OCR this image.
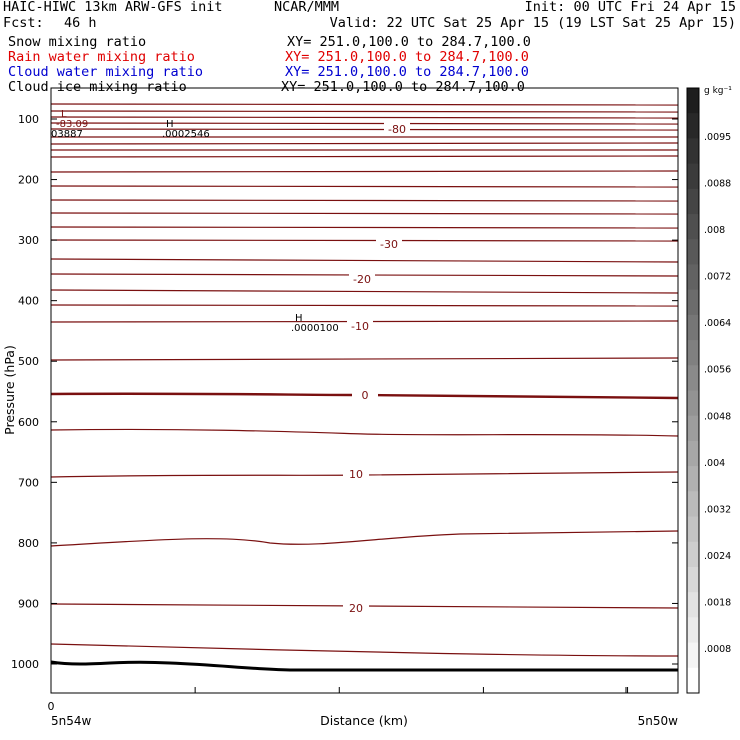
100
200
300
400
500
600
700
800
900
1000
Pressure (hPa)
Distance (km)
0
5n54w	5n50w
.0095
.0088
.008
.0072
.0064
.0056
.0048
.004
.0032
.0024
.0018
.0008
g kg⁻¹
L
-83.09
03887
H
.0002546
H
.0000100
-80
-30
-20
-10
0
10
20
HAIC-HIWC 13km ARW-GFS init	NCAR/MMM	Init: 00 UTC Fri 24 Apr 15
Fcst: 46 h	Valid: 22 UTC Sat 25 Apr 15 (19 LST Sat 25 Apr 15)
Snow mixing ratio	XY= 251.0,100.0 to 284.7,100.0
Rain water mixing ratio	XY= 251.0,100.0 to 284.7,100.0
Cloud water mixing ratio	XY= 251.0,100.0 to 284.7,100.0
Cloud ice mixing ratio	XY= 251.0,100.0 to 284.7,100.0
